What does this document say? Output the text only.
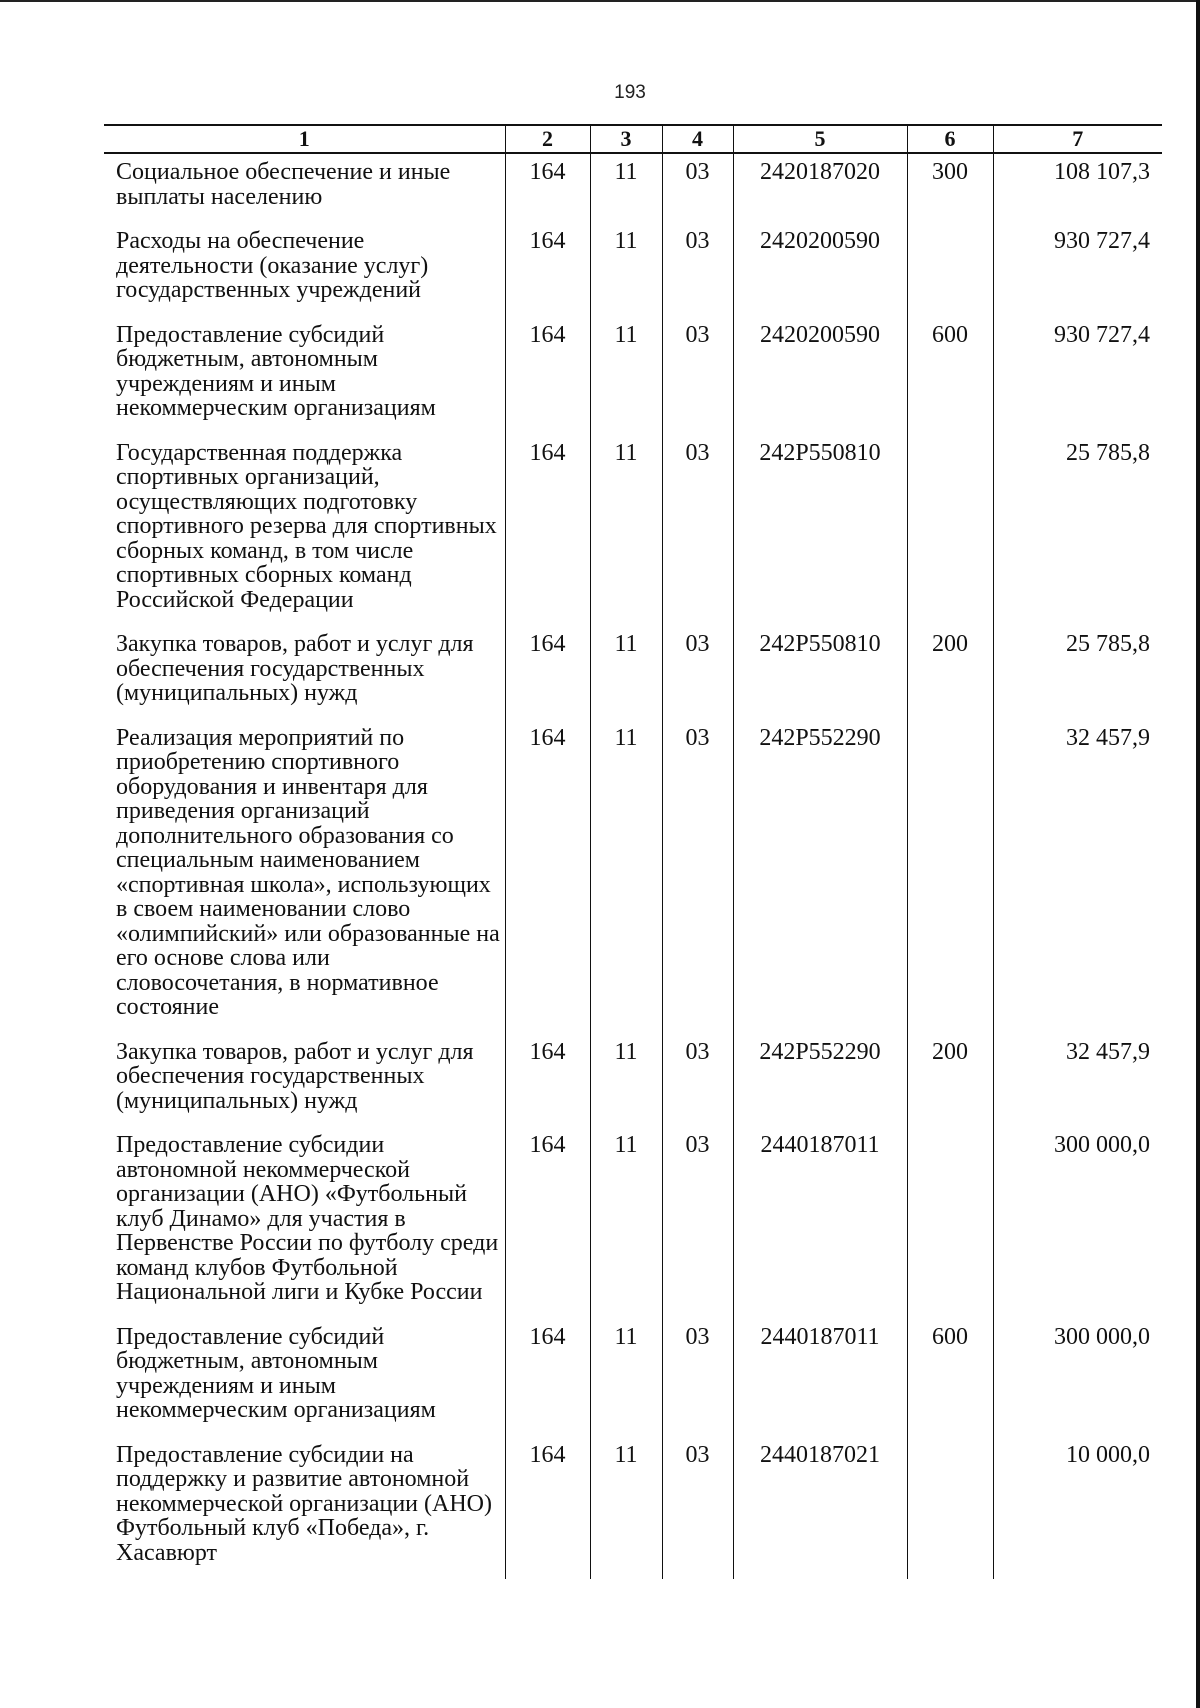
193
1	2	3	4	5	6	7
Социальное обеспечение и иные выплаты населению	164	11	03	2420187020	300	108 107,3
Расходы на обеспечение деятельности (оказание услуг) государственных учреждений	164	11	03	2420200590		930 727,4
Предоставление субсидий бюджетным, автономным учреждениям и иным некоммерческим организациям	164	11	03	2420200590	600	930 727,4
Государственная поддержка спортивных организаций, осуществляющих подготовку спортивного резерва для спортивных сборных команд, в том числе спортивных сборных команд Российской Федерации	164	11	03	242P550810		25 785,8
Закупка товаров, работ и услуг для обеспечения государственных (муниципальных) нужд	164	11	03	242P550810	200	25 785,8
Реализация мероприятий по приобретению спортивного оборудования и инвентаря для приведения организаций дополнительного образования со специальным наименованием «спортивная школа», использующих в своем наименовании слово «олимпийский» или образованные на его основе слова или словосочетания, в нормативное состояние	164	11	03	242P552290		32 457,9
Закупка товаров, работ и услуг для обеспечения государственных (муниципальных) нужд	164	11	03	242P552290	200	32 457,9
Предоставление субсидии автономной некоммерческой организации (АНО) «Футбольный клуб Динамо» для участия в Первенстве России по футболу среди команд клубов Футбольной Национальной лиги и Кубке России	164	11	03	2440187011		300 000,0
Предоставление субсидий бюджетным, автономным учреждениям и иным некоммерческим организациям	164	11	03	2440187011	600	300 000,0
Предоставление субсидии на поддержку и развитие автономной некоммерческой организации (АНО) Футбольный клуб «Победа», г. Хасавюрт	164	11	03	2440187021		10 000,0
